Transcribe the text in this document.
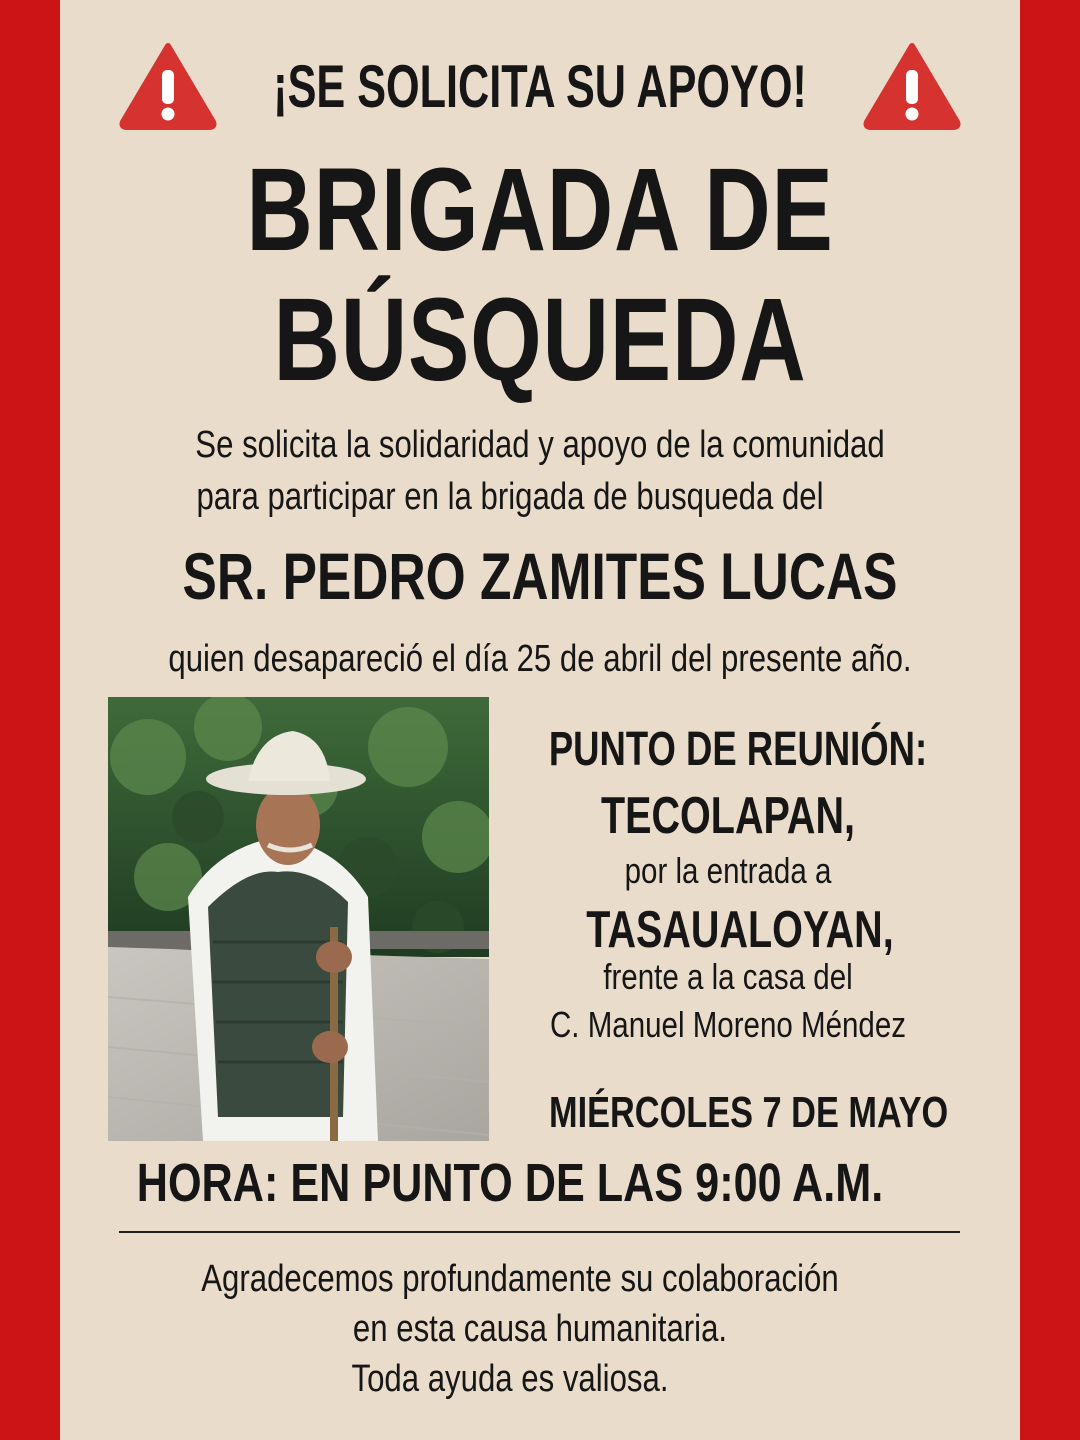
¡SE SOLICITA SU APOYO!
BRIGADA DE
BÚSQUEDA
Se solicita la solidaridad y apoyo de la comunidad
para participar en la brigada de busqueda del
SR. PEDRO ZAMITES LUCAS
quien desapareció el día 25 de abril del presente año.
PUNTO DE REUNIÓN:
TECOLAPAN,
por la entrada a
TASAUALOYAN,
frente a la casa del
C. Manuel Moreno Méndez
MIÉRCOLES 7 DE MAYO
HORA: EN PUNTO DE LAS 9:00 A.M.
Agradecemos profundamente su colaboración
en esta causa humanitaria.
Toda ayuda es valiosa.
